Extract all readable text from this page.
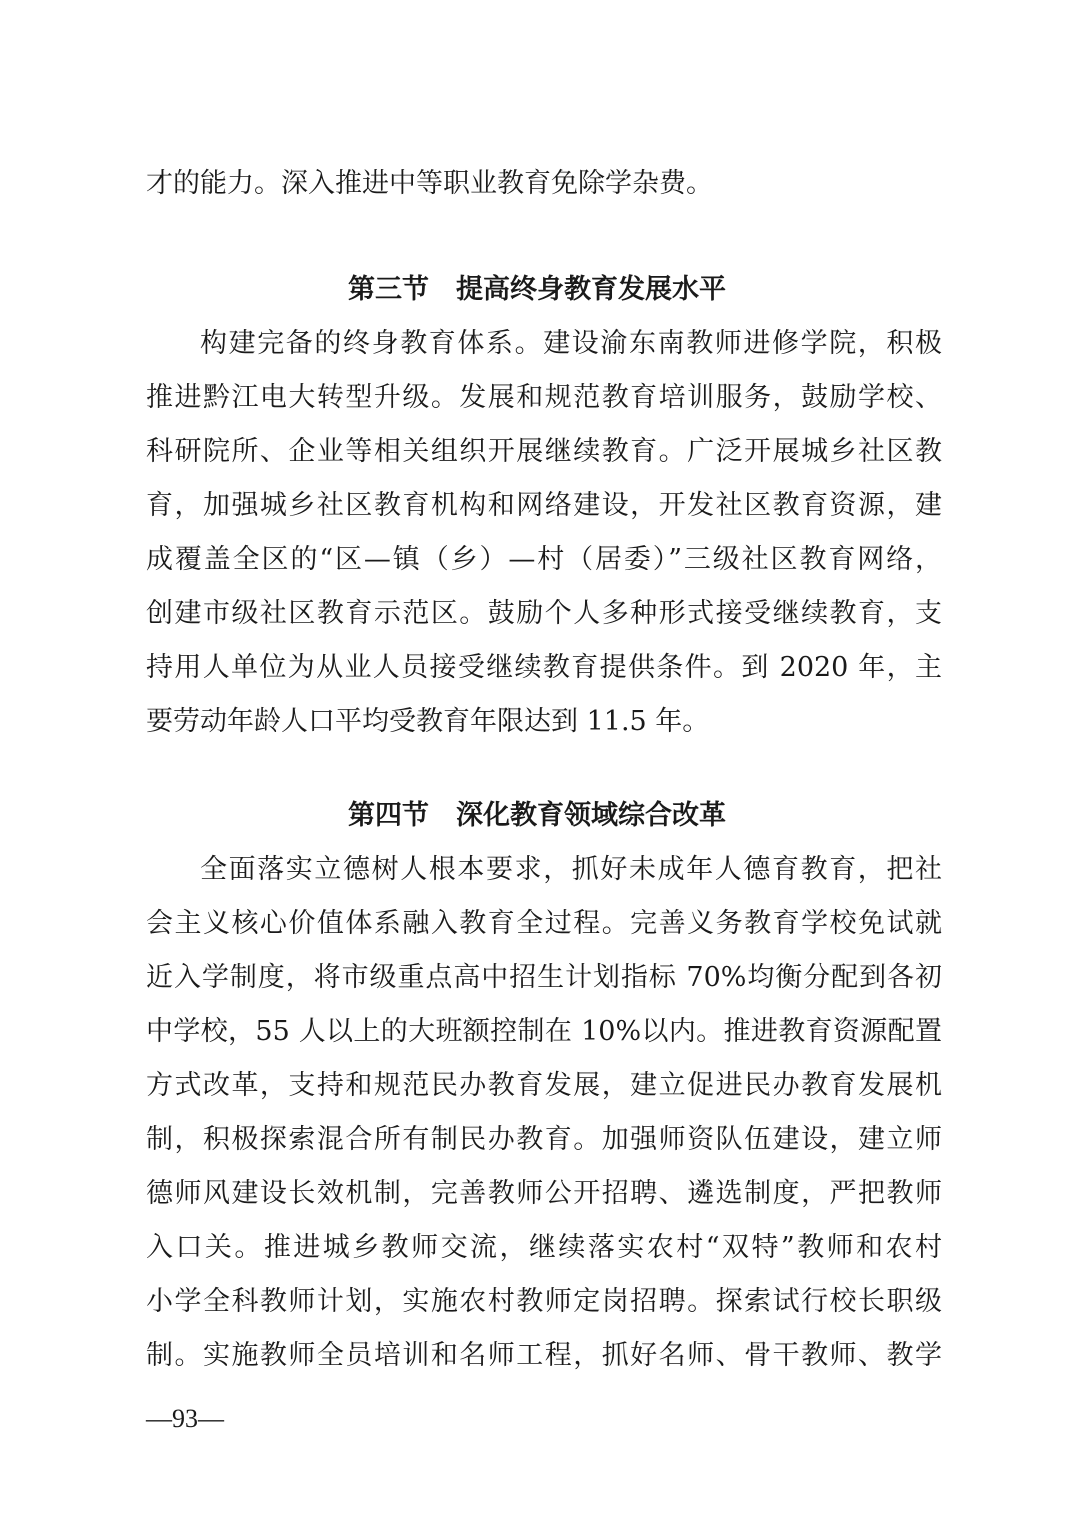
才的能力。深入推进中等职业教育免除学杂费。
第三节　提高终身教育发展水平
构建完备的终身教育体系。建设渝东南教师进修学院，积极
推进黔江电大转型升级。发展和规范教育培训服务，鼓励学校、
科研院所、企业等相关组织开展继续教育。广泛开展城乡社区教
育，加强城乡社区教育机构和网络建设，开发社区教育资源，建
成覆盖全区的“区—镇（乡）—村（居委）”三级社区教育网络，
创建市级社区教育示范区。鼓励个人多种形式接受继续教育，支
持用人单位为从业人员接受继续教育提供条件。到 2020 年，主
要劳动年龄人口平均受教育年限达到 11.5 年。
第四节　深化教育领域综合改革
全面落实立德树人根本要求，抓好未成年人德育教育，把社
会主义核心价值体系融入教育全过程。完善义务教育学校免试就
近入学制度，将市级重点高中招生计划指标 70%均衡分配到各初
中学校，55 人以上的大班额控制在 10%以内。推进教育资源配置
方式改革，支持和规范民办教育发展，建立促进民办教育发展机
制，积极探索混合所有制民办教育。加强师资队伍建设，建立师
德师风建设长效机制，完善教师公开招聘、遴选制度，严把教师
入口关。推进城乡教师交流，继续落实农村“双特”教师和农村
小学全科教师计划，实施农村教师定岗招聘。探索试行校长职级
制。实施教师全员培训和名师工程，抓好名师、骨干教师、教学
—93—
